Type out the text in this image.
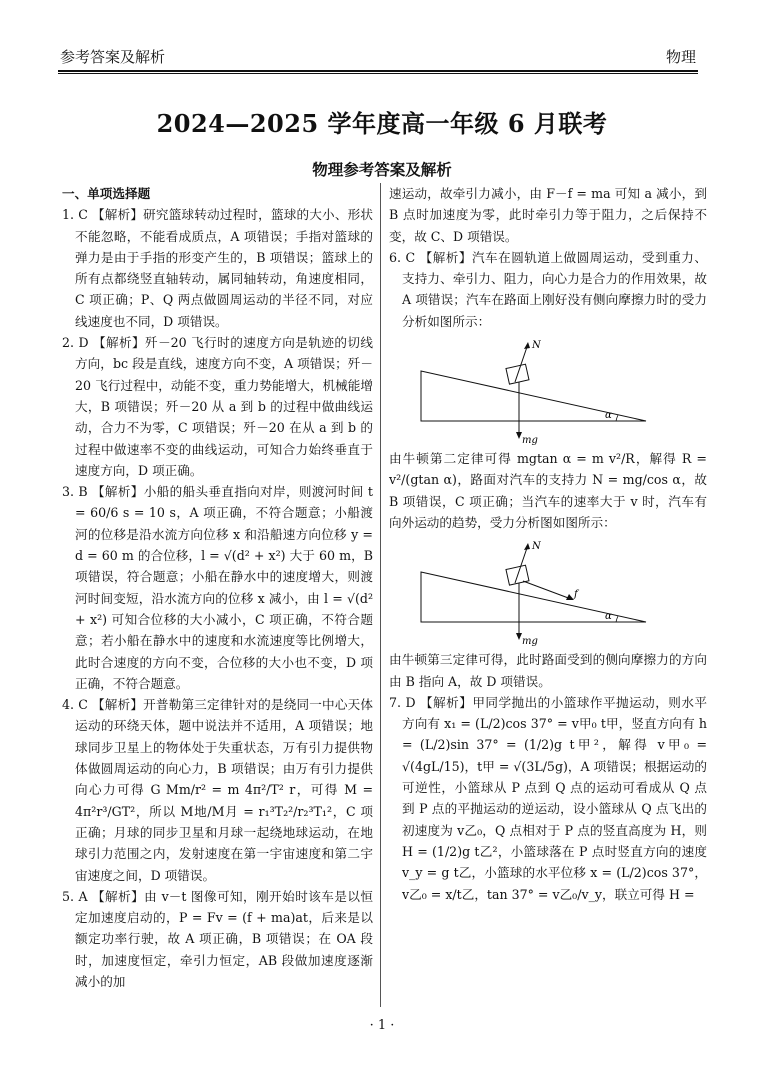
参考答案及解析	物理
2024—2025 学年度高一年级 6 月联考
物理参考答案及解析

一、单项选择题

1. C 【解析】研究篮球转动过程时，篮球的大小、形状不能忽略，不能看成质点，A 项错误；手指对篮球的弹力是由于手指的形变产生的，B 项错误；篮球上的所有点都绕竖直轴转动，属同轴转动，角速度相同，C 项正确；P、Q 两点做圆周运动的半径不同，对应线速度也不同，D 项错误。

2. D 【解析】歼－20 飞行时的速度方向是轨迹的切线方向，bc 段是直线，速度方向不变，A 项错误；歼－20 飞行过程中，动能不变，重力势能增大，机械能增大，B 项错误；歼－20 从 a 到 b 的过程中做曲线运动，合力不为零，C 项错误；歼－20 在从 a 到 b 的过程中做速率不变的曲线运动，可知合力始终垂直于速度方向，D 项正确。

3. B 【解析】小船的船头垂直指向对岸，则渡河时间 t = 60/6 s = 10 s，A 项正确，不符合题意；小船渡河的位移是沿水流方向位移 x 和沿船速方向位移 y = d = 60 m 的合位移，l = √(d² + x²) 大于 60 m，B 项错误，符合题意；小船在静水中的速度增大，则渡河时间变短，沿水流方向的位移 x 减小，由 l = √(d² + x²) 可知合位移的大小减小，C 项正确，不符合题意；若小船在静水中的速度和水流速度等比例增大，此时合速度的方向不变，合位移的大小也不变，D 项正确，不符合题意。

4. C 【解析】开普勒第三定律针对的是绕同一中心天体运动的环绕天体，题中说法并不适用，A 项错误；地球同步卫星上的物体处于失重状态，万有引力提供物体做圆周运动的向心力，B 项错误；由万有引力提供向心力可得 G Mm/r² = m 4π²/T² r，可得 M = 4π²r³/GT²，所以 M地/M月 = r₁³T₂²/r₂³T₁²，C 项正确；月球的同步卫星和月球一起绕地球运动，在地球引力范围之内，发射速度在第一宇宙速度和第二宇宙速度之间，D 项错误。

5. A 【解析】由 v－t 图像可知，刚开始时该车是以恒定加速度启动的，P = Fv = (f + ma)at，后来是以额定功率行驶，故 A 项正确，B 项错误；在 OA 段时，加速度恒定，牵引力恒定，AB 段做加速度逐渐减小的加

速运动，故牵引力减小，由 F－f = ma 可知 a 减小，到 B 点时加速度为零，此时牵引力等于阻力，之后保持不变，故 C、D 项错误。

6. C 【解析】汽车在圆轨道上做圆周运动，受到重力、支持力、牵引力、阻力，向心力是合力的作用效果，故 A 项错误；汽车在路面上刚好没有侧向摩擦力时的受力分析如图所示：

N
mg
α

由牛顿第二定律可得 mgtan α = m v²/R，解得 R = v²/(gtan α)，路面对汽车的支持力 N = mg/cos α，故 B 项错误，C 项正确；当汽车的速率大于 v 时，汽车有向外运动的趋势，受力分析图如图所示：

N
f
mg
α

由牛顿第三定律可得，此时路面受到的侧向摩擦力的方向由 B 指向 A，故 D 项错误。

7. D 【解析】甲同学抛出的小篮球作平抛运动，则水平方向有 x₁ = (L/2)cos 37° = v甲₀ t甲，竖直方向有 h = (L/2)sin 37° = (1/2)g t甲²，解得 v甲₀ = √(4gL/15)，t甲 = √(3L/5g)，A 项错误；根据运动的可逆性，小篮球从 P 点到 Q 点的运动可看成从 Q 点到 P 点的平抛运动的逆运动，设小篮球从 Q 点飞出的初速度为 v乙₀，Q 点相对于 P 点的竖直高度为 H，则 H = (1/2)g t乙²，小篮球落在 P 点时竖直方向的速度 v_y = g t乙，小篮球的水平位移 x = (L/2)cos 37°，v乙₀ = x/t乙，tan 37° = v乙₀/v_y，联立可得 H =

· 1 ·
